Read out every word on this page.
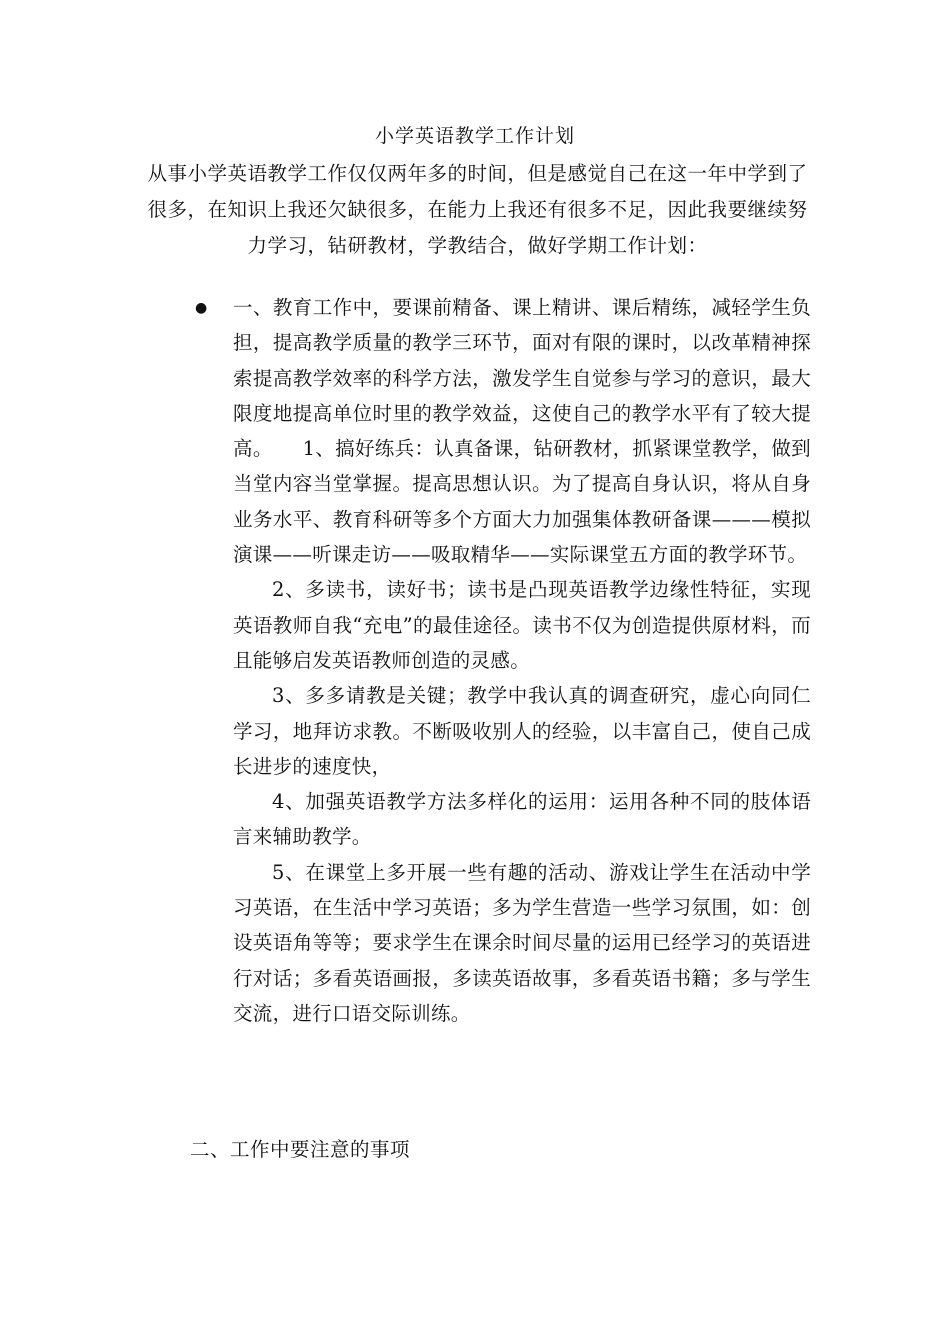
小学英语教学工作计划
从事小学英语教学工作仅仅两年多的时间，但是感觉自己在这一年中学到了很多，在知识上我还欠缺很多，在能力上我还有很多不足，因此我要继续努力学习，钻研教材，学教结合，做好学期工作计划：
● 一、教育工作中，要课前精备、课上精讲、课后精练，减轻学生负担，提高教学质量的教学三环节，面对有限的课时，以改革精神探索提高教学效率的科学方法，激发学生自觉参与学习的意识，最大限度地提高单位时里的教学效益，这使自己的教学水平有了较大提高。　　1、搞好练兵：认真备课，钻研教材，抓紧课堂教学，做到当堂内容当堂掌握。提高思想认识。为了提高自身认识，将从自身业务水平、教育科研等多个方面大力加强集体教研备课———模拟演课——听课走访——吸取精华——实际课堂五方面的教学环节。

2、多读书，读好书；读书是凸现英语教学边缘性特征，实现英语教师自我“充电”的最佳途径。读书不仅为创造提供原材料，而且能够启发英语教师创造的灵感。

3、多多请教是关键；教学中我认真的调查研究，虚心向同仁学习，地拜访求教。不断吸收别人的经验，以丰富自己，使自己成长进步的速度快，

4、加强英语教学方法多样化的运用：运用各种不同的肢体语言来辅助教学。

5、在课堂上多开展一些有趣的活动、游戏让学生在活动中学习英语，在生活中学习英语；多为学生营造一些学习氛围，如：创设英语角等等；要求学生在课余时间尽量的运用已经学习的英语进行对话；多看英语画报，多读英语故事，多看英语书籍；多与学生　交流，进行口语交际训练。

二、工作中要注意的事项
